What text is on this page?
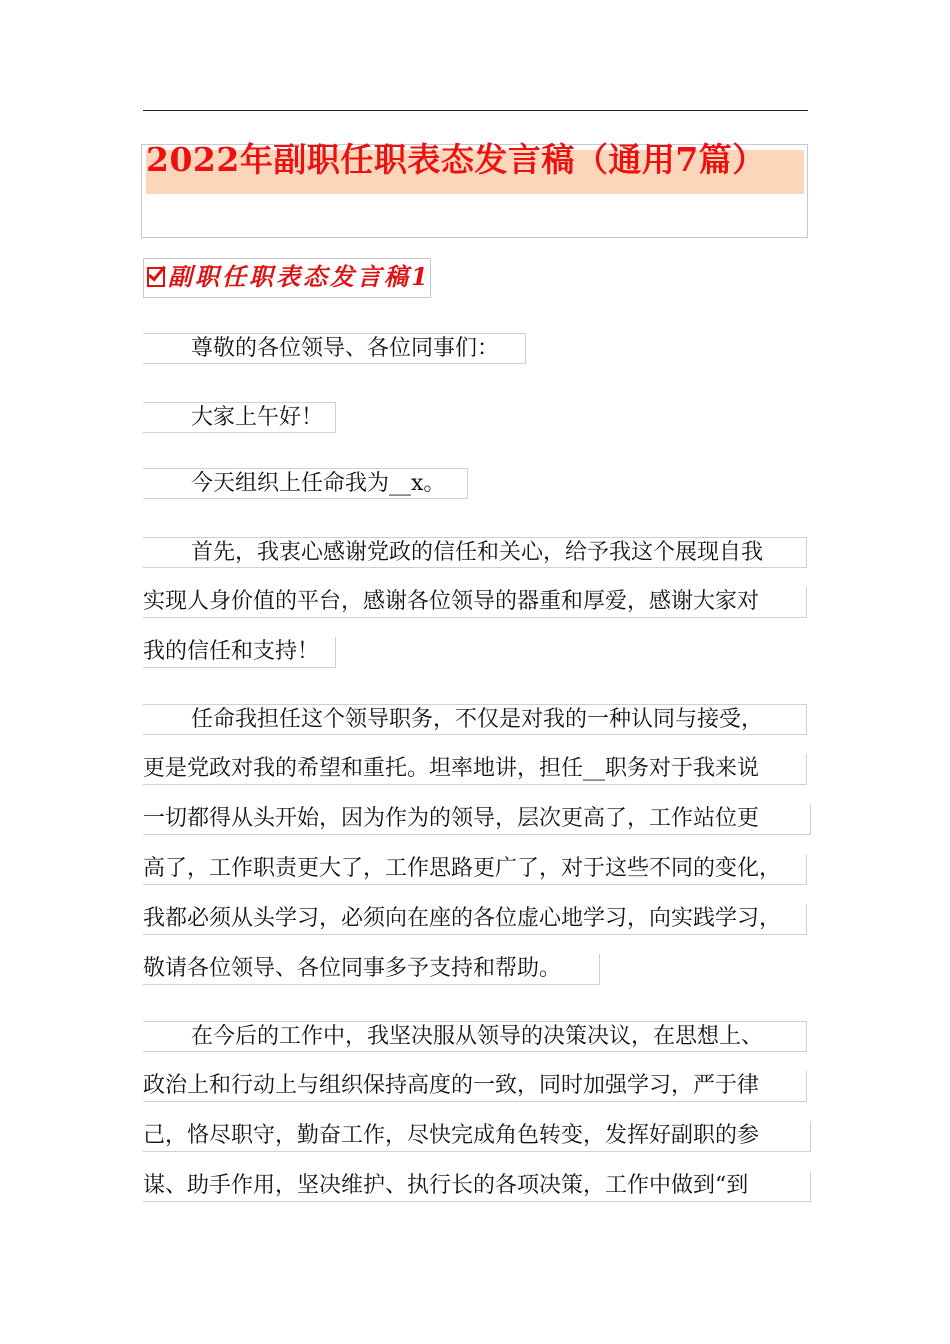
2022年副职任职表态发言稿（通用7篇）
副职任职表态发言稿1
尊敬的各位领导、各位同事们：
大家上午好！
今天组织上任命我为__x。
首先，我衷心感谢党政的信任和关心，给予我这个展现自我
实现人身价值的平台，感谢各位领导的器重和厚爱，感谢大家对
我的信任和支持！
任命我担任这个领导职务，不仅是对我的一种认同与接受，
更是党政对我的希望和重托。坦率地讲，担任__职务对于我来说
一切都得从头开始，因为作为的领导，层次更高了，工作站位更
高了，工作职责更大了，工作思路更广了，对于这些不同的变化，
我都必须从头学习，必须向在座的各位虚心地学习，向实践学习，
敬请各位领导、各位同事多予支持和帮助。
在今后的工作中，我坚决服从领导的决策决议，在思想上、
政治上和行动上与组织保持高度的一致，同时加强学习，严于律
己，恪尽职守，勤奋工作，尽快完成角色转变，发挥好副职的参
谋、助手作用，坚决维护、执行长的各项决策，工作中做到“到
